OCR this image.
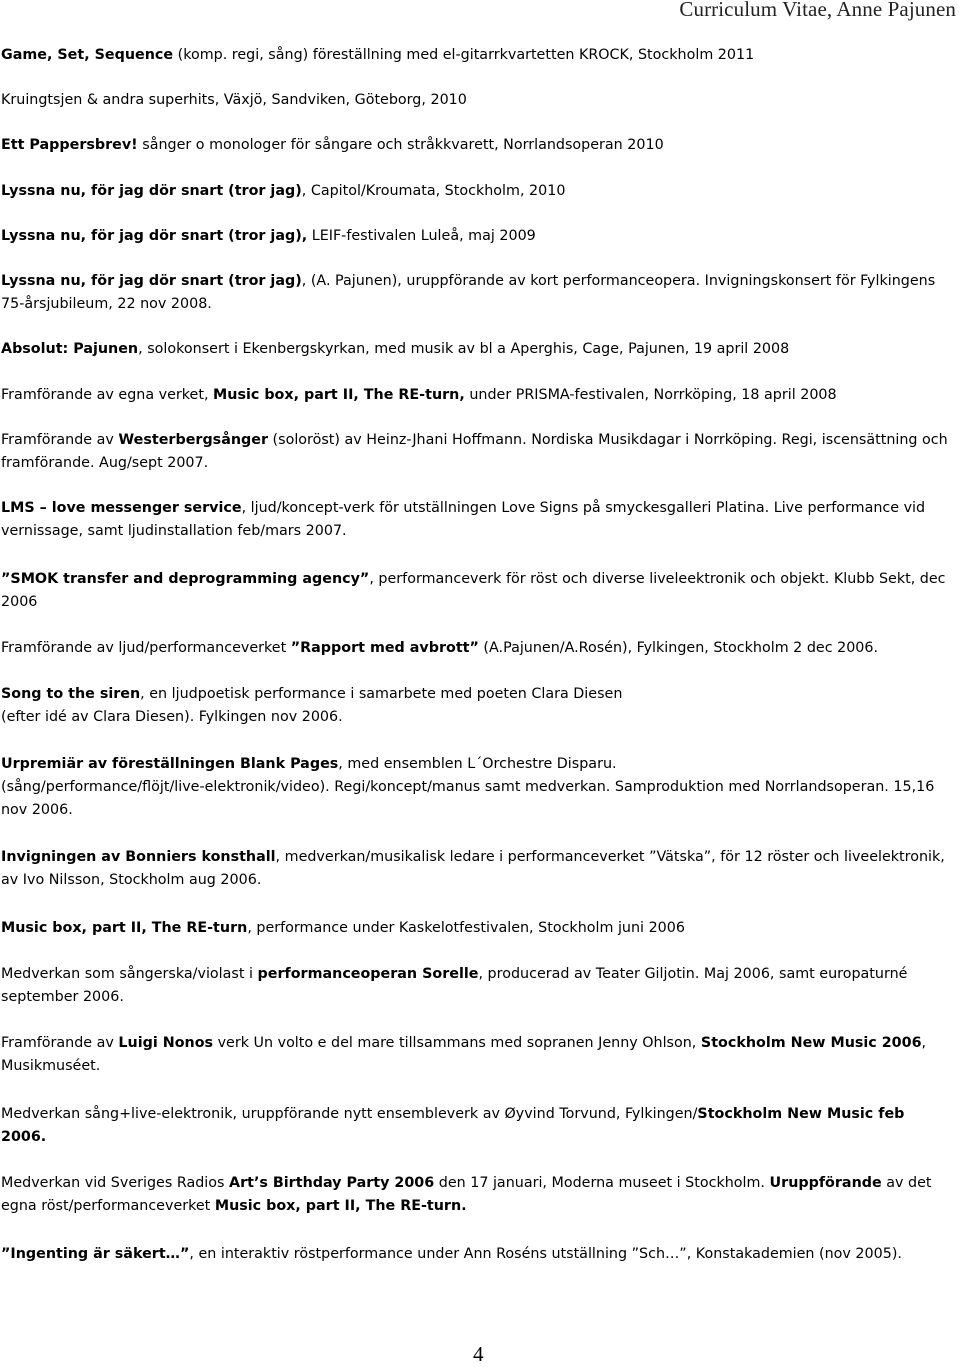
Curriculum Vitae, Anne Pajunen

Game, Set, Sequence (komp. regi, sång) föreställning med el-gitarrkvartetten KROCK, Stockholm 2011

Kruingtsjen & andra superhits, Växjö, Sandviken, Göteborg, 2010

Ett Pappersbrev! sånger o monologer för sångare och stråkkvarett, Norrlandsoperan 2010

Lyssna nu, för jag dör snart (tror jag), Capitol/Kroumata, Stockholm, 2010

Lyssna nu, för jag dör snart (tror jag), LEIF-festivalen Luleå, maj 2009

Lyssna nu, för jag dör snart (tror jag), (A. Pajunen), uruppförande av kort performanceopera. Invigningskonsert för Fylkingens 75-årsjubileum, 22 nov 2008.

Absolut: Pajunen, solokonsert i Ekenbergskyrkan, med musik av bl a Aperghis, Cage, Pajunen, 19 april 2008

Framförande av egna verket, Music box, part II, The RE-turn, under PRISMA-festivalen, Norrköping, 18 april 2008

Framförande av Westerbergsånger (soloröst) av Heinz-Jhani Hoffmann. Nordiska Musikdagar i Norrköping. Regi, iscensättning och framförande. Aug/sept 2007.

LMS – love messenger service, ljud/koncept-verk för utställningen Love Signs på smyckesgalleri Platina. Live performance vid vernissage, samt ljudinstallation feb/mars 2007.

”SMOK transfer and deprogramming agency”, performanceverk för röst och diverse liveleektronik och objekt. Klubb Sekt, dec 2006

Framförande av ljud/performanceverket ”Rapport med avbrott” (A.Pajunen/A.Rosén), Fylkingen, Stockholm 2 dec 2006.

Song to the siren, en ljudpoetisk performance i samarbete med poeten Clara Diesen
(efter idé av Clara Diesen). Fylkingen nov 2006.

Urpremiär av föreställningen Blank Pages, med ensemblen L´Orchestre Disparu.
(sång/performance/flöjt/live-elektronik/video). Regi/koncept/manus samt medverkan. Samproduktion med Norrlandsoperan. 15,16 nov 2006.

Invigningen av Bonniers konsthall, medverkan/musikalisk ledare i performanceverket ”Vätska”, för 12 röster och liveelektronik, av Ivo Nilsson, Stockholm aug 2006.

Music box, part II, The RE-turn, performance under Kaskelotfestivalen, Stockholm juni 2006

Medverkan som sångerska/violast i performanceoperan Sorelle, producerad av Teater Giljotin. Maj 2006, samt europaturné september 2006.

Framförande av Luigi Nonos verk Un volto e del mare tillsammans med sopranen Jenny Ohlson, Stockholm New Music 2006, Musikmuséet.

Medverkan sång+live-elektronik, uruppförande nytt ensembleverk av Øyvind Torvund, Fylkingen/Stockholm New Music feb 2006.

Medverkan vid Sveriges Radios Art’s Birthday Party 2006 den 17 januari, Moderna museet i Stockholm. Uruppförande av det egna röst/performanceverket Music box, part II, The RE-turn.

”Ingenting är säkert…”, en interaktiv röstperformance under Ann Roséns utställning ”Sch…”, Konstakademien (nov 2005).

4
